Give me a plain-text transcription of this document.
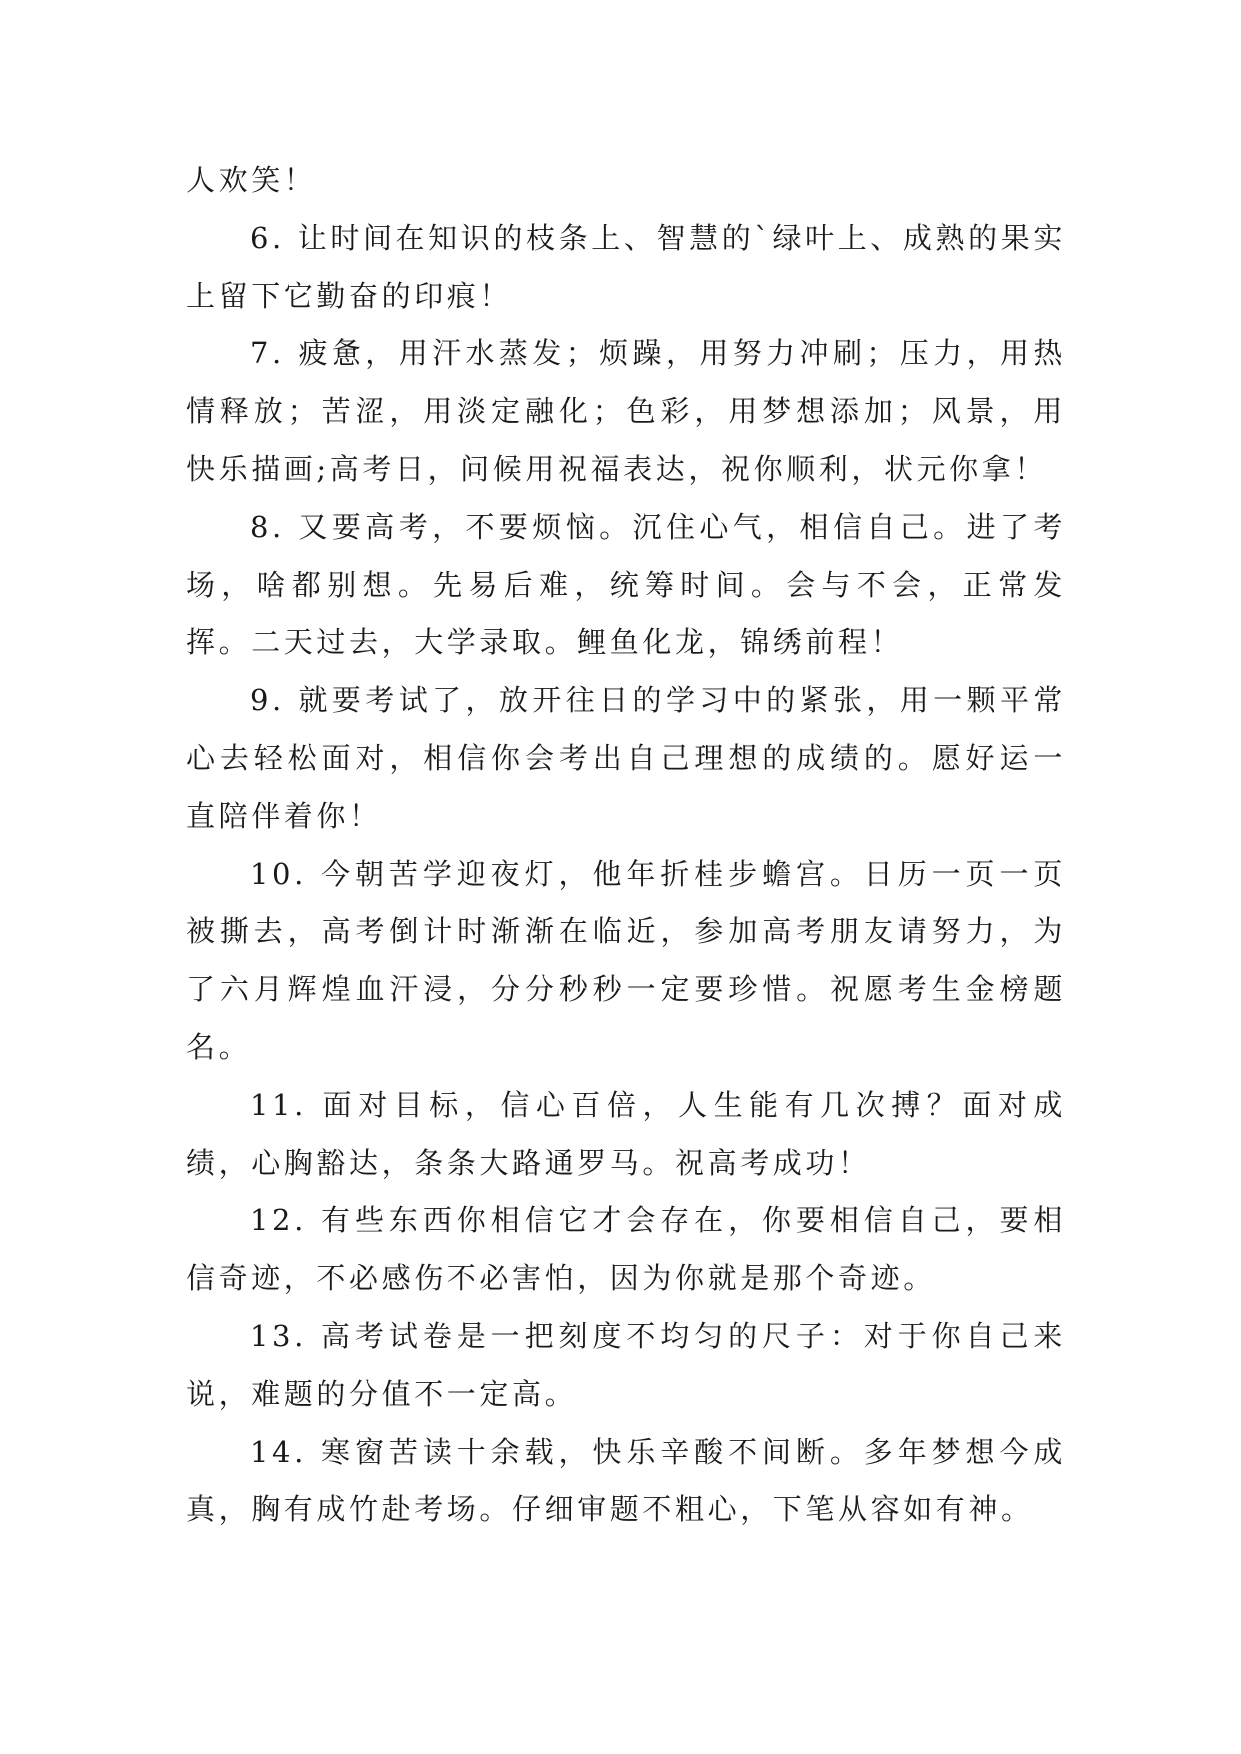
人欢笑！

6. 让时间在知识的枝条上、智慧的`绿叶上、成熟的果实上留下它勤奋的印痕！

7. 疲惫，用汗水蒸发；烦躁，用努力冲刷；压力，用热情释放；苦涩，用淡定融化；色彩，用梦想添加；风景，用快乐描画;高考日，问候用祝福表达，祝你顺利，状元你拿！

8. 又要高考，不要烦恼。沉住心气，相信自己。进了考场，啥都别想。先易后难，统筹时间。会与不会，正常发挥。二天过去，大学录取。鲤鱼化龙，锦绣前程！

9. 就要考试了，放开往日的学习中的紧张，用一颗平常心去轻松面对，相信你会考出自己理想的成绩的。愿好运一直陪伴着你！

10. 今朝苦学迎夜灯，他年折桂步蟾宫。日历一页一页被撕去，高考倒计时渐渐在临近，参加高考朋友请努力，为了六月辉煌血汗浸，分分秒秒一定要珍惜。祝愿考生金榜题名。

11. 面对目标，信心百倍，人生能有几次搏？面对成绩，心胸豁达，条条大路通罗马。祝高考成功！

12. 有些东西你相信它才会存在，你要相信自己，要相信奇迹，不必感伤不必害怕，因为你就是那个奇迹。

13. 高考试卷是一把刻度不均匀的尺子：对于你自己来说，难题的分值不一定高。

14. 寒窗苦读十余载，快乐辛酸不间断。多年梦想今成真，胸有成竹赴考场。仔细审题不粗心，下笔从容如有神。
